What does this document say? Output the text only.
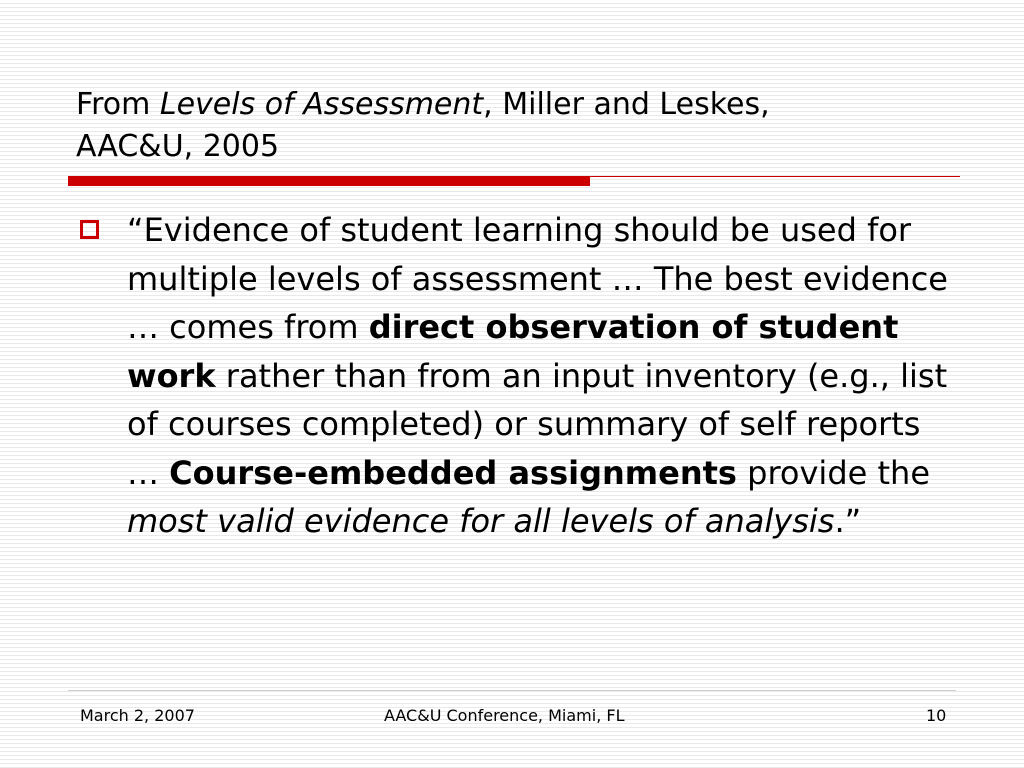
From Levels of Assessment, Miller and Leskes,
AAC&U, 2005

“Evidence of student learning should be used for multiple levels of assessment … The best evidence … comes from direct observation of student work rather than from an input inventory (e.g., list of courses completed) or summary of self reports … Course-embedded assignments provide the most valid evidence for all levels of analysis.”

March 2, 2007	AAC&U Conference, Miami, FL	10
